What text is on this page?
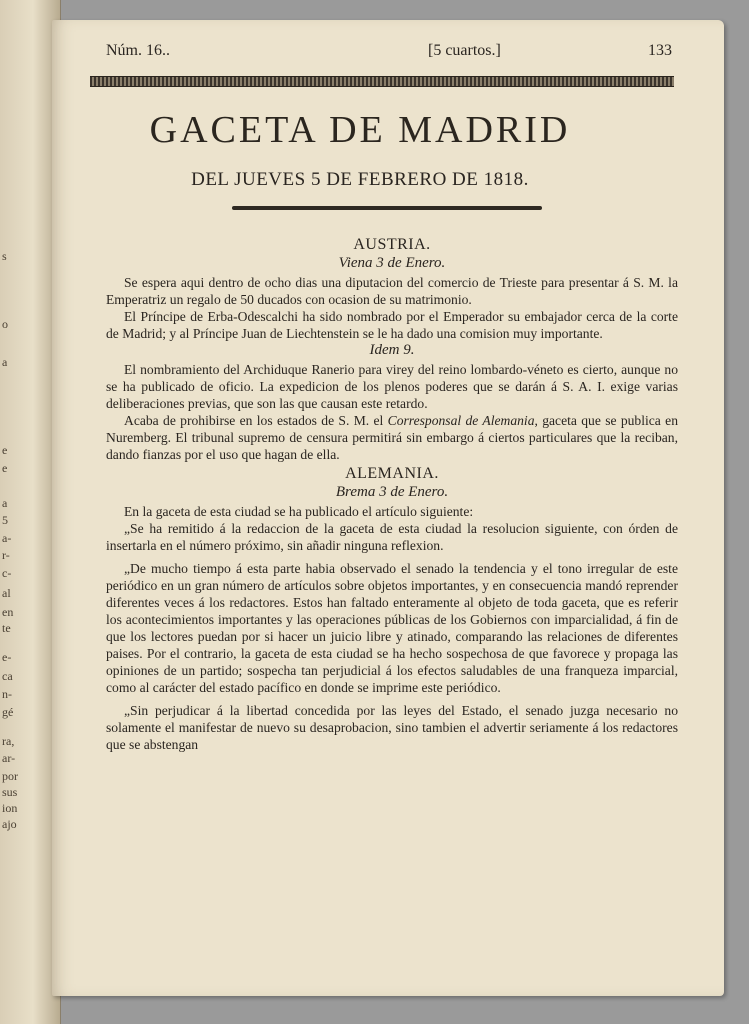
s
o
a
e
e
a
5
a-
r-
c-
al
en
te
e-
ca
n-
gé
ra,
ar-
por
sus
ion
ajo
Núm. 16..	[5 cuartos.]	133
GACETA DE MADRID
DEL JUEVES 5 DE FEBRERO DE 1818.
AUSTRIA.
Viena 3 de Enero.

Se espera aqui dentro de ocho dias una diputacion del comercio de Trieste para presentar á S. M. la Emperatriz un regalo de 50 ducados con ocasion de su matrimonio.

El Príncipe de Erba-Odescalchi ha sido nombrado por el Emperador su embajador cerca de la corte de Madrid; y al Príncipe Juan de Liechtenstein se le ha dado una comision muy importante.

Idem 9.

El nombramiento del Archiduque Ranerio para virey del reino lombardo-véneto es cierto, aunque no se ha publicado de oficio. La expedicion de los plenos poderes que se darán á S. A. I. exige varias deliberaciones previas, que son las que causan este retardo.

Acaba de prohibirse en los estados de S. M. el Corresponsal de Alemania, gaceta que se publica en Nuremberg. El tribunal supremo de censura permitirá sin embargo á ciertos particulares que la reciban, dando fianzas por el uso que hagan de ella.

ALEMANIA.
Brema 3 de Enero.

En la gaceta de esta ciudad se ha publicado el artículo siguiente:

„Se ha remitido á la redaccion de la gaceta de esta ciudad la resolucion siguiente, con órden de insertarla en el número próximo, sin añadir ninguna reflexion.

„De mucho tiempo á esta parte habia observado el senado la tendencia y el tono irregular de este periódico en un gran número de artículos sobre objetos importantes, y en consecuencia mandó reprender diferentes veces á los redactores. Estos han faltado enteramente al objeto de toda gaceta, que es referir los acontecimientos importantes y las operaciones públicas de los Gobiernos con imparcialidad, á fin de que los lectores puedan por si hacer un juicio libre y atinado, comparando las relaciones de diferentes paises. Por el contrario, la gaceta de esta ciudad se ha hecho sospechosa de que favorece y propaga las opiniones de un partido; sospecha tan perjudicial á los efectos saludables de una franqueza imparcial, como al carácter del estado pacífico en donde se imprime este periódico.

„Sin perjudicar á la libertad concedida por las leyes del Estado, el senado juzga necesario no solamente el manifestar de nuevo su desaprobacion, sino tambien el advertir seriamente á los redactores que se abstengan
